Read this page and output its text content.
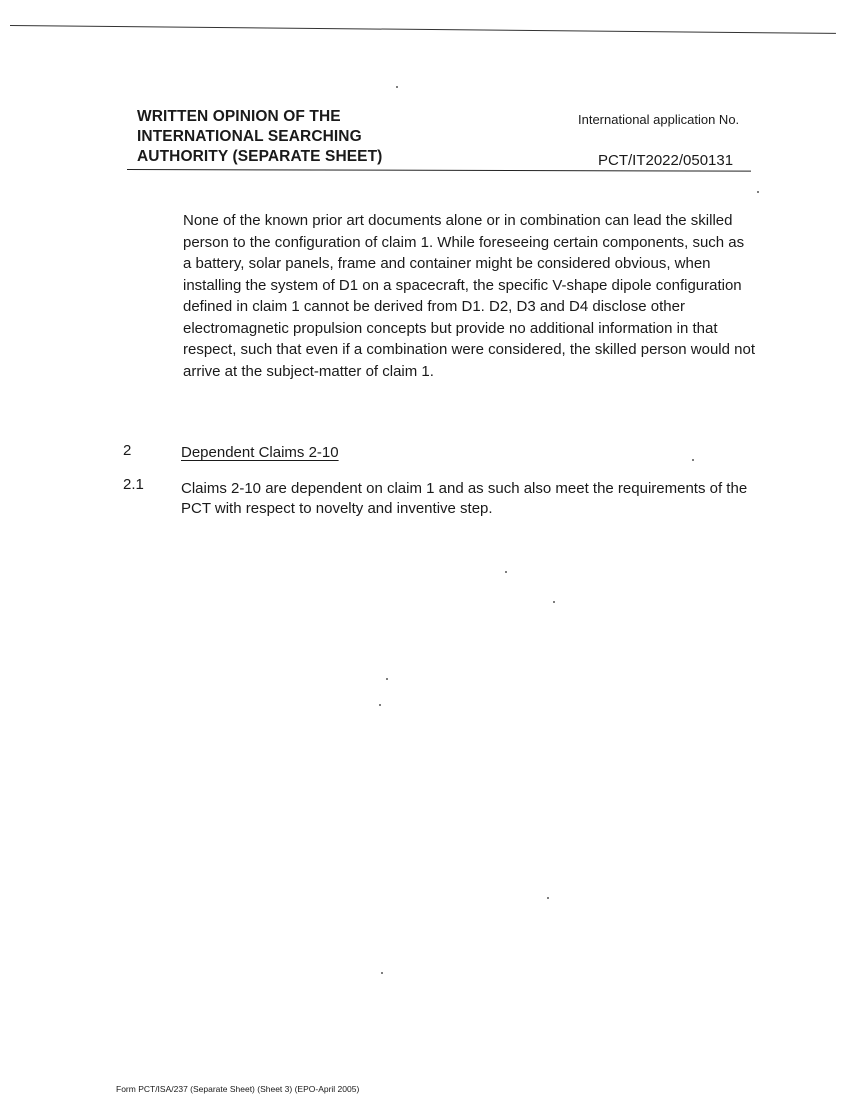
WRITTEN OPINION OF THE
INTERNATIONAL SEARCHING
AUTHORITY (SEPARATE SHEET)
International application No.
PCT/IT2022/050131
None of the known prior art documents alone or in combination can lead the skilled person to the configuration of claim 1. While foreseeing certain components, such as a battery, solar panels, frame and container might be considered obvious, when installing the system of D1 on a spacecraft, the specific V-shape dipole configuration defined in claim 1 cannot be derived from D1. D2, D3 and D4 disclose other electromagnetic propulsion concepts but provide no additional information in that respect, such that even if a combination were considered, the skilled person would not arrive at the subject-matter of claim 1.
2	Dependent Claims 2-10
2.1 Claims 2-10 are dependent on claim 1 and as such also meet the requirements of the PCT with respect to novelty and inventive step.
Form PCT/ISA/237 (Separate Sheet) (Sheet 3) (EPO-April 2005)
